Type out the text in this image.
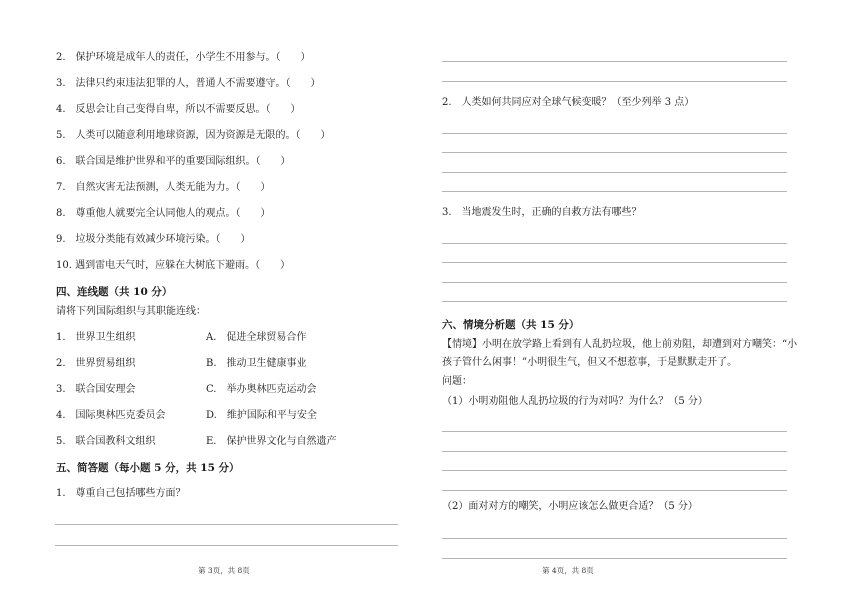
2.　保护环境是成年人的责任，小学生不用参与。（　　）
3.　法律只约束违法犯罪的人，普通人不需要遵守。（　　）
4.　反思会让自己变得自卑，所以不需要反思。（　　）
5.　人类可以随意利用地球资源，因为资源是无限的。（　　）
6.　联合国是维护世界和平的重要国际组织。（　　）
7.　自然灾害无法预测，人类无能为力。（　　）
8.　尊重他人就要完全认同他人的观点。（　　）
9.　垃圾分类能有效减少环境污染。（　　）
10. 遇到雷电天气时，应躲在大树底下避雨。（　　）
四、连线题（共 10 分）
请将下列国际组织与其职能连线：
1.　世界卫生组织	A.　促进全球贸易合作
2.　世界贸易组织	B.　推动卫生健康事业
3.　联合国安理会	C.　举办奥林匹克运动会
4.　国际奥林匹克委员会	D.　维护国际和平与安全
5.　联合国教科文组织	E.　保护世界文化与自然遗产
五、简答题（每小题 5 分，共 15 分）
1.　尊重自己包括哪些方面？
第 3页，共 8页
2.　人类如何共同应对全球气候变暖？（至少列举 3 点）
3.　当地震发生时，正确的自救方法有哪些？
六、情境分析题（共 15 分）
【情境】小明在放学路上看到有人乱扔垃圾，他上前劝阻，却遭到对方嘲笑：“小
孩子管什么闲事！”小明很生气，但又不想惹事，于是默默走开了。
问题：
（1）小明劝阻他人乱扔垃圾的行为对吗？为什么？（5 分）
（2）面对对方的嘲笑，小明应该怎么做更合适？（5 分）
第 4页，共 8页
